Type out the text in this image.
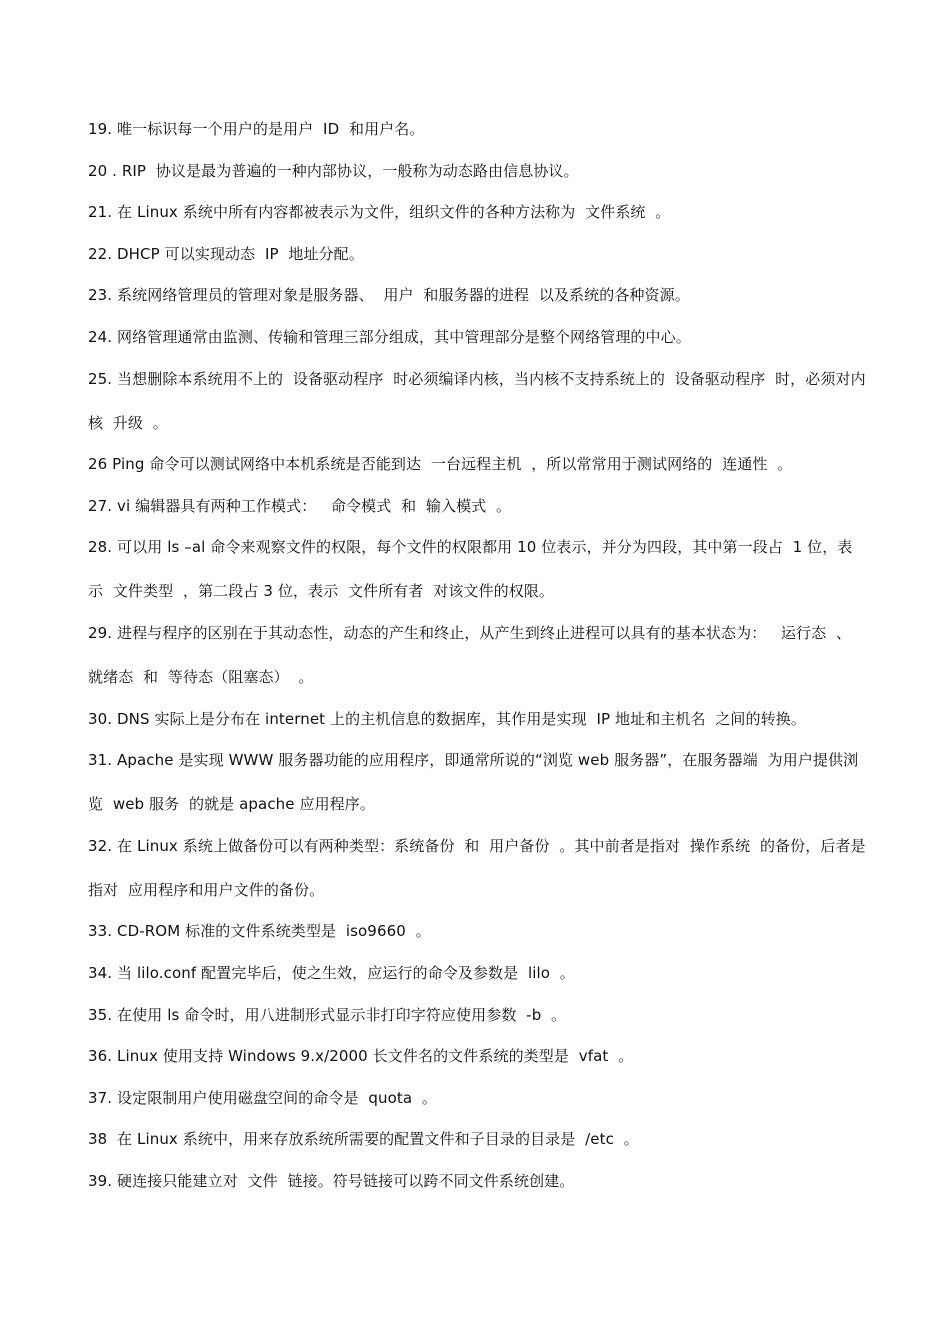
19. 唯一标识每一个用户的是用户  ID  和用户名。

20 . RIP  协议是最为普遍的一种内部协议，一般称为动态路由信息协议。

21. 在 Linux 系统中所有内容都被表示为文件，组织文件的各种方法称为  文件系统  。

22. DHCP 可以实现动态  IP  地址分配。

23. 系统网络管理员的管理对象是服务器、  用户  和服务器的进程  以及系统的各种资源。

24. 网络管理通常由监测、传输和管理三部分组成，其中管理部分是整个网络管理的中心。

25. 当想删除本系统用不上的  设备驱动程序  时必须编译内核，当内核不支持系统上的  设备驱动程序  时，必须对内核  升级  。

26 Ping 命令可以测试网络中本机系统是否能到达  一台远程主机  ，所以常常用于测试网络的  连通性  。

27. vi 编辑器具有两种工作模式：   命令模式  和  输入模式  。

28. 可以用 ls –al 命令来观察文件的权限，每个文件的权限都用 10 位表示，并分为四段，其中第一段占  1 位，表示  文件类型  ，第二段占 3 位，表示  文件所有者  对该文件的权限。

29. 进程与程序的区别在于其动态性，动态的产生和终止，从产生到终止进程可以具有的基本状态为：   运行态  、   就绪态  和  等待态（阻塞态）  。

30. DNS 实际上是分布在 internet 上的主机信息的数据库，其作用是实现  IP 地址和主机名  之间的转换。

31. Apache 是实现 WWW 服务器功能的应用程序，即通常所说的“浏览 web 服务器”，在服务器端  为用户提供浏览  web 服务  的就是 apache 应用程序。

32. 在 Linux 系统上做备份可以有两种类型：系统备份  和  用户备份  。其中前者是指对  操作系统  的备份，后者是指对  应用程序和用户文件的备份。

33. CD-ROM 标准的文件系统类型是  iso9660  。

34. 当 lilo.conf 配置完毕后，使之生效，应运行的命令及参数是  lilo  。

35. 在使用 ls 命令时，用八进制形式显示非打印字符应使用参数  -b  。

36. Linux 使用支持 Windows 9.x/2000 长文件名的文件系统的类型是  vfat  。

37. 设定限制用户使用磁盘空间的命令是  quota  。

38  在 Linux 系统中，用来存放系统所需要的配置文件和子目录的目录是  /etc  。

39. 硬连接只能建立对  文件  链接。符号链接可以跨不同文件系统创建。
